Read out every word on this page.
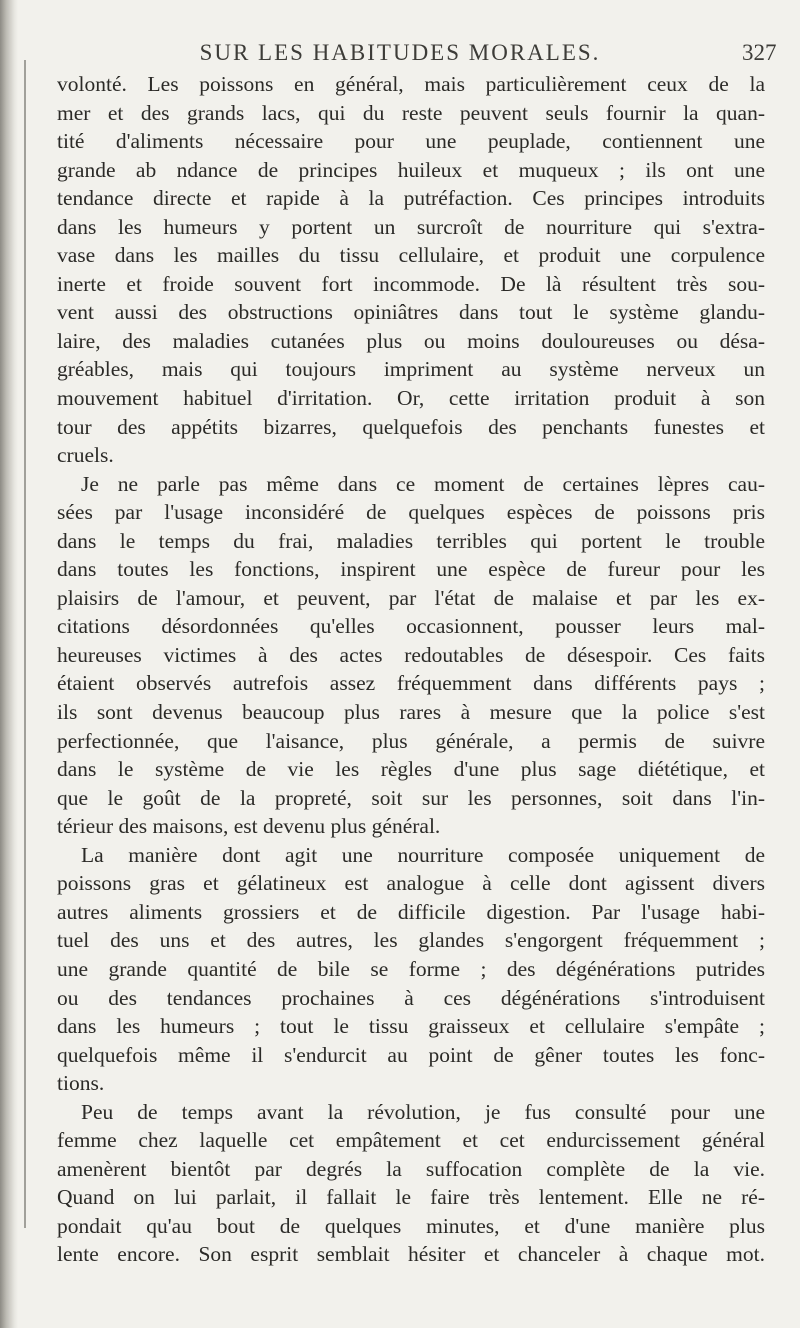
SUR LES HABITUDES MORALES.	327
volonté. Les poissons en général, mais particulièrement ceux de la
mer et des grands lacs, qui du reste peuvent seuls fournir la quan-
tité d'aliments nécessaire pour une peuplade, contiennent une
grande ab ndance de principes huileux et muqueux ; ils ont une
tendance directe et rapide à la putréfaction. Ces principes introduits
dans les humeurs y portent un surcroît de nourriture qui s'extra-
vase dans les mailles du tissu cellulaire, et produit une corpulence
inerte et froide souvent fort incommode. De là résultent très sou-
vent aussi des obstructions opiniâtres dans tout le système glandu-
laire, des maladies cutanées plus ou moins douloureuses ou désa-
gréables, mais qui toujours impriment au système nerveux un
mouvement habituel d'irritation. Or, cette irritation produit à son
tour des appétits bizarres, quelquefois des penchants funestes et
cruels.
Je ne parle pas même dans ce moment de certaines lèpres cau-
sées par l'usage inconsidéré de quelques espèces de poissons pris
dans le temps du frai, maladies terribles qui portent le trouble
dans toutes les fonctions, inspirent une espèce de fureur pour les
plaisirs de l'amour, et peuvent, par l'état de malaise et par les ex-
citations désordonnées qu'elles occasionnent, pousser leurs mal-
heureuses victimes à des actes redoutables de désespoir. Ces faits
étaient observés autrefois assez fréquemment dans différents pays ;
ils sont devenus beaucoup plus rares à mesure que la police s'est
perfectionnée, que l'aisance, plus générale, a permis de suivre
dans le système de vie les règles d'une plus sage diététique, et
que le goût de la propreté, soit sur les personnes, soit dans l'in-
térieur des maisons, est devenu plus général.
La manière dont agit une nourriture composée uniquement de
poissons gras et gélatineux est analogue à celle dont agissent divers
autres aliments grossiers et de difficile digestion. Par l'usage habi-
tuel des uns et des autres, les glandes s'engorgent fréquemment ;
une grande quantité de bile se forme ; des dégénérations putrides
ou des tendances prochaines à ces dégénérations s'introduisent
dans les humeurs ; tout le tissu graisseux et cellulaire s'empâte ;
quelquefois même il s'endurcit au point de gêner toutes les fonc-
tions.
Peu de temps avant la révolution, je fus consulté pour une
femme chez laquelle cet empâtement et cet endurcissement général
amenèrent bientôt par degrés la suffocation complète de la vie.
Quand on lui parlait, il fallait le faire très lentement. Elle ne ré-
pondait qu'au bout de quelques minutes, et d'une manière plus
lente encore. Son esprit semblait hésiter et chanceler à chaque mot.
